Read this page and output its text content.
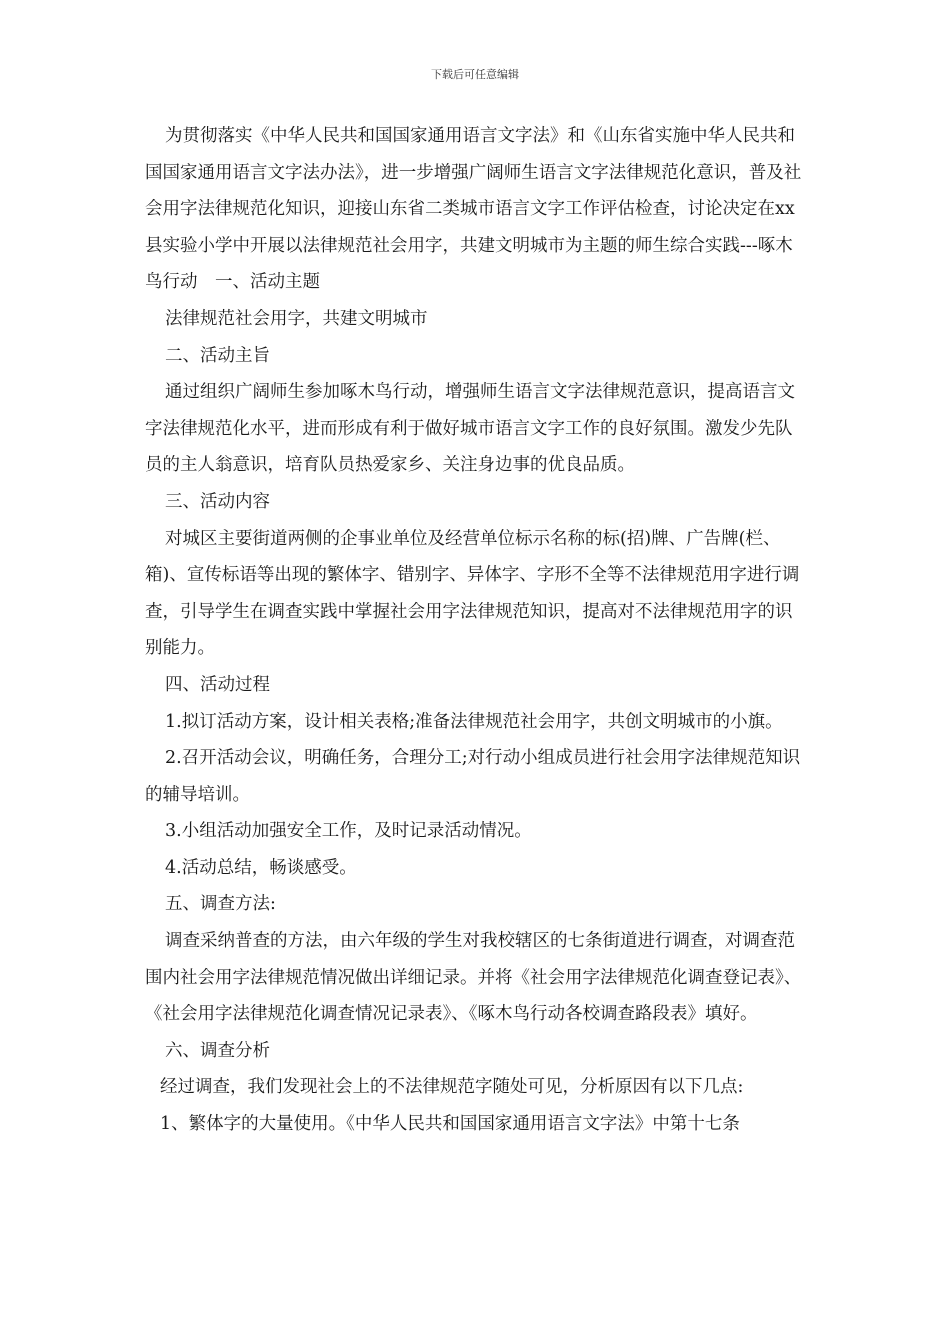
下载后可任意编辑

为贯彻落实《中华人民共和国国家通用语言文字法》和《山东省实施中华人民共和国国家通用语言文字法办法》，进一步增强广阔师生语言文字法律规范化意识，普及社会用字法律规范化知识，迎接山东省二类城市语言文字工作评估检查，讨论决定在xx县实验小学中开展以法律规范社会用字，共建文明城市为主题的师生综合实践---啄木鸟行动　一、活动主题

法律规范社会用字，共建文明城市

二、活动主旨

通过组织广阔师生参加啄木鸟行动，增强师生语言文字法律规范意识，提高语言文字法律规范化水平，进而形成有利于做好城市语言文字工作的良好氛围。激发少先队员的主人翁意识，培育队员热爱家乡、关注身边事的优良品质。

三、活动内容

对城区主要街道两侧的企事业单位及经营单位标示名称的标(招)牌、广告牌(栏、箱)、宣传标语等出现的繁体字、错别字、异体字、字形不全等不法律规范用字进行调查，引导学生在调查实践中掌握社会用字法律规范知识，提高对不法律规范用字的识别能力。

四、活动过程

1.拟订活动方案，设计相关表格;准备法律规范社会用字，共创文明城市的小旗。

2.召开活动会议，明确任务，合理分工;对行动小组成员进行社会用字法律规范知识的辅导培训。

3.小组活动加强安全工作，及时记录活动情况。

4.活动总结，畅谈感受。

五、调查方法:

调查采纳普查的方法，由六年级的学生对我校辖区的七条街道进行调查，对调查范围内社会用字法律规范情况做出详细记录。并将《社会用字法律规范化调查登记表》、《社会用字法律规范化调查情况记录表》、《啄木鸟行动各校调查路段表》填好。

六、调查分析

经过调查，我们发现社会上的不法律规范字随处可见，分析原因有以下几点:

1、繁体字的大量使用。《中华人民共和国国家通用语言文字法》中第十七条
